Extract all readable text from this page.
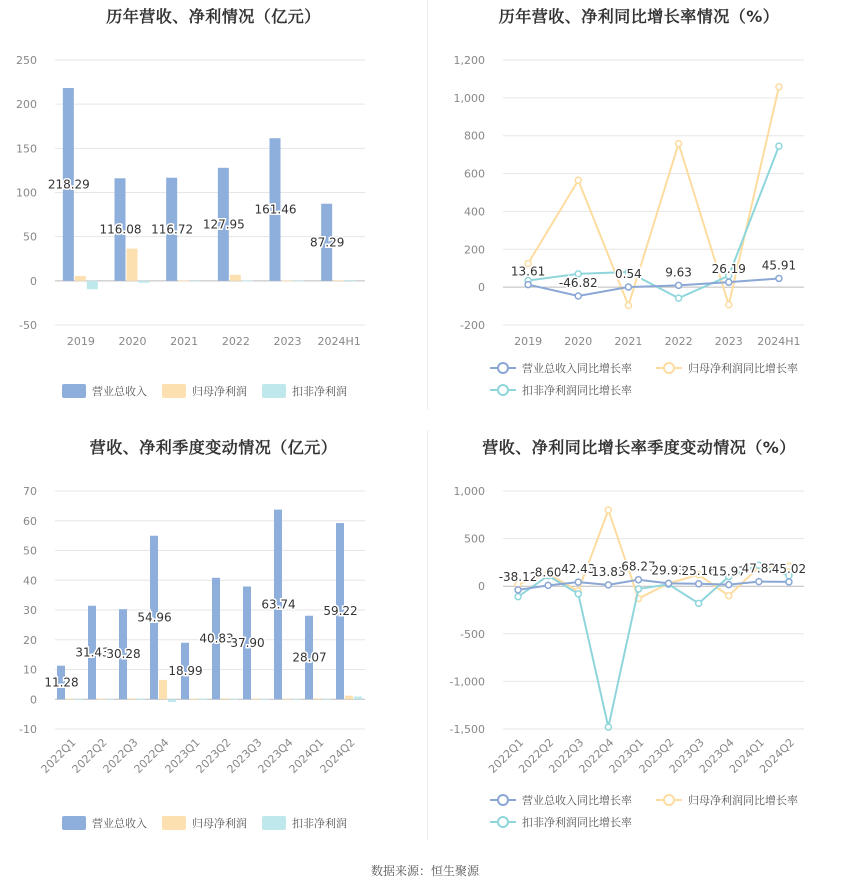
历年营收、净利情况（亿元）
-50
0
50
100
150
200
250
2019 2020 2021 2022 2023 2024H1
218.29
116.08 116.72 127.95
161.46
87.29
营业总收入	归母净利润	扣非净利润
历年营收、净利同比增长率情况（%）
-200
0
200
400
600
800
1,000
1,200
2019 2020 2021 2022 2023 2024H1
13.61
-46.82
0.54 9.63 26.19 45.91
营业总收入同比增长率	归母净利润同比增长率
扣非净利润同比增长率
营收、净利季度变动情况（亿元）
-10
0
10
20
30
40
50
60
70
2022Q1
2022Q2
2022Q3
2022Q4
2023Q1
2023Q2
2023Q3
2023Q4
2024Q1
2024Q2
11.28
31.43
30.28
54.96
18.99
40.83
37.90
63.74
28.07
59.22
营业总收入	归母净利润	扣非净利润
营收、净利同比增长率季度变动情况（%）
-1,500
-1,000
-500
0
500
1,000
2022Q1
2022Q2
2022Q3
2022Q4
2023Q1
2023Q2
2023Q3
2023Q4
2024Q1
2024Q2
-38.12
8.60 42.43
13.83
68.27
29.93
25.16
15.97
47.82
45.02
营业总收入同比增长率	归母净利润同比增长率
扣非净利润同比增长率
数据来源：恒生聚源
